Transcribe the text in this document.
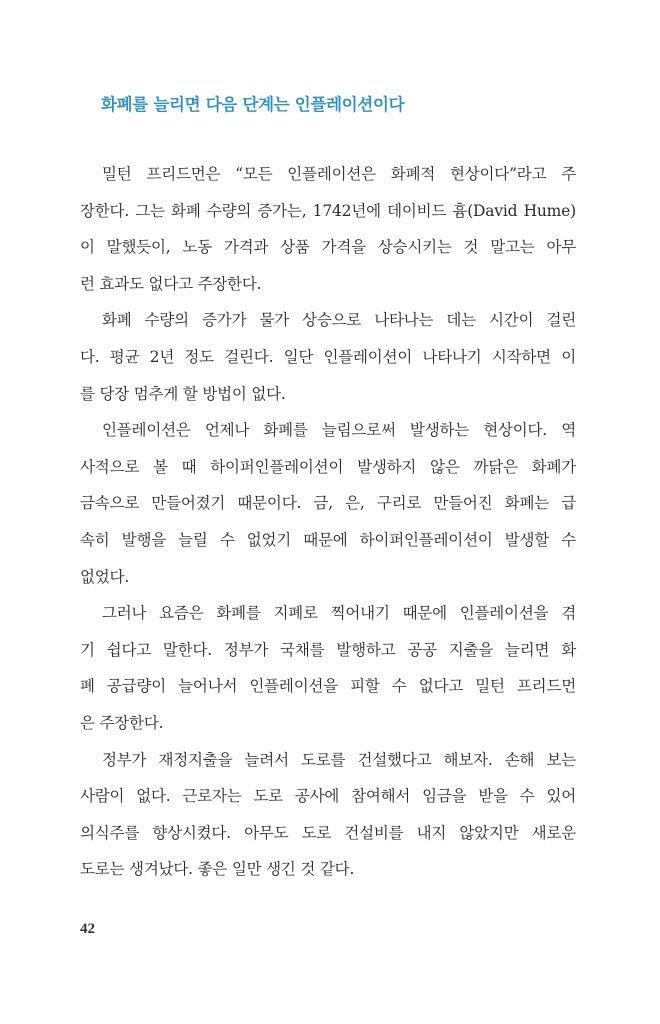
화폐를 늘리면 다음 단계는 인플레이션이다

밀턴 프리드먼은 “모든 인플레이션은 화폐적 현상이다”라고 주
장한다. 그는 화폐 수량의 증가는, 1742년에 데이비드 흄(David Hume)
이 말했듯이, 노동 가격과 상품 가격을 상승시키는 것 말고는 아무
런 효과도 없다고 주장한다.

화폐 수량의 증가가 물가 상승으로 나타나는 데는 시간이 걸린
다. 평균 2년 정도 걸린다. 일단 인플레이션이 나타나기 시작하면 이
를 당장 멈추게 할 방법이 없다.

인플레이션은 언제나 화폐를 늘림으로써 발생하는 현상이다. 역
사적으로 볼 때 하이퍼인플레이션이 발생하지 않은 까닭은 화폐가
금속으로 만들어졌기 때문이다. 금, 은, 구리로 만들어진 화폐는 급
속히 발행을 늘릴 수 없었기 때문에 하이퍼인플레이션이 발생할 수
없었다.

그러나 요즘은 화폐를 지폐로 찍어내기 때문에 인플레이션을 겪
기 쉽다고 말한다. 정부가 국채를 발행하고 공공 지출을 늘리면 화
폐 공급량이 늘어나서 인플레이션을 피할 수 없다고 밀턴 프리드먼
은 주장한다.

정부가 재정지출을 늘려서 도로를 건설했다고 해보자. 손해 보는
사람이 없다. 근로자는 도로 공사에 참여해서 임금을 받을 수 있어
의식주를 향상시켰다. 아무도 도로 건설비를 내지 않았지만 새로운
도로는 생겨났다. 좋은 일만 생긴 것 같다.

42
